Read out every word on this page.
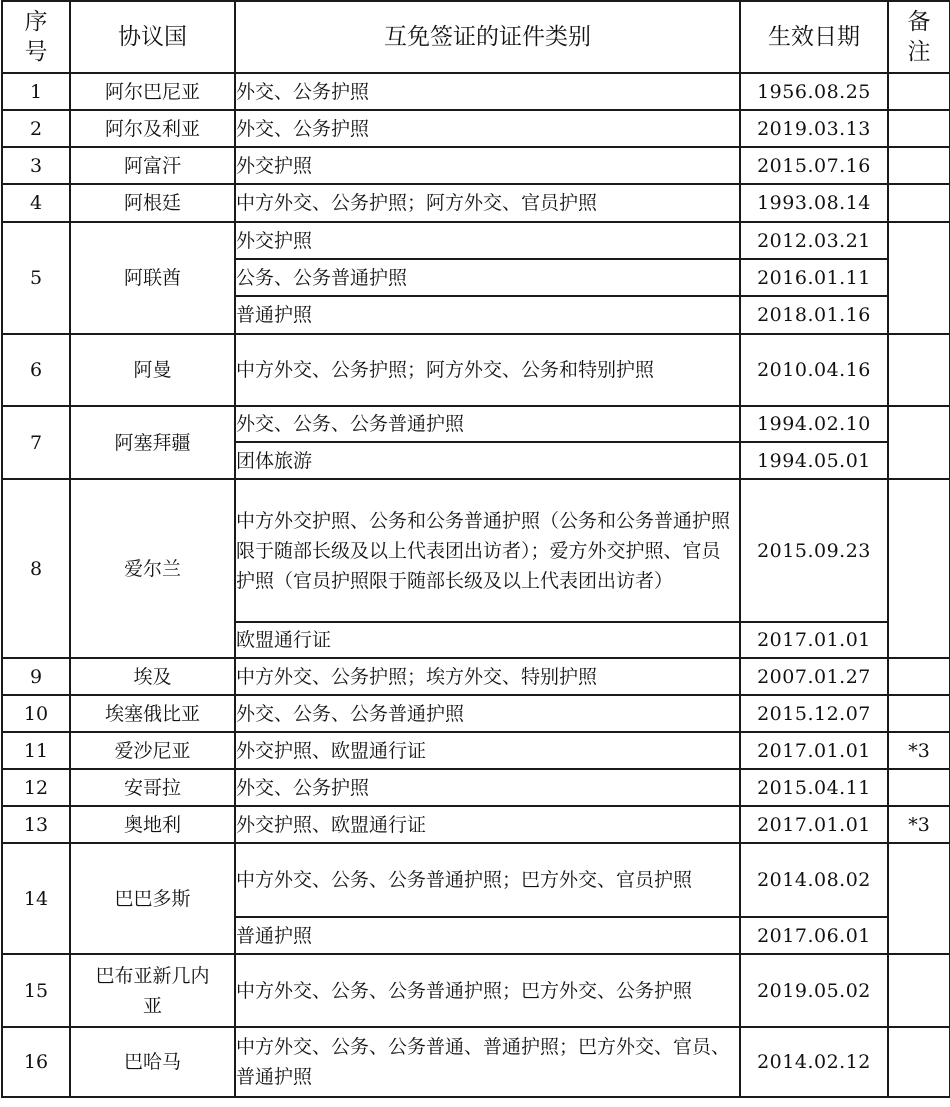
序号	协议国	互免签证的证件类别	生效日期	备注
1	阿尔巴尼亚	外交、公务护照	1956.08.25	
2	阿尔及利亚	外交、公务护照	2019.03.13	
3	阿富汗	外交护照	2015.07.16	
4	阿根廷	中方外交、公务护照；阿方外交、官员护照	1993.08.14	
5	阿联酋	外交护照	2012.03.21	
		公务、公务普通护照	2016.01.11	
		普通护照	2018.01.16	
6	阿曼	中方外交、公务护照；阿方外交、公务和特别护照	2010.04.16	
7	阿塞拜疆	外交、公务、公务普通护照	1994.02.10	
		团体旅游	1994.05.01	
8	爱尔兰	中方外交护照、公务和公务普通护照（公务和公务普通护照限于随部长级及以上代表团出访者）；爱方外交护照、官员护照（官员护照限于随部长级及以上代表团出访者）	2015.09.23	
		欧盟通行证	2017.01.01	
9	埃及	中方外交、公务护照；埃方外交、特别护照	2007.01.27	
10	埃塞俄比亚	外交、公务、公务普通护照	2015.12.07	
11	爱沙尼亚	外交护照、欧盟通行证	2017.01.01	*3
12	安哥拉	外交、公务护照	2015.04.11	
13	奥地利	外交护照、欧盟通行证	2017.01.01	*3
14	巴巴多斯	中方外交、公务、公务普通护照；巴方外交、官员护照	2014.08.02	
		普通护照	2017.06.01	
15	巴布亚新几内亚	中方外交、公务、公务普通护照；巴方外交、公务护照	2019.05.02	
16	巴哈马	中方外交、公务、公务普通、普通护照；巴方外交、官员、普通护照	2014.02.12	
